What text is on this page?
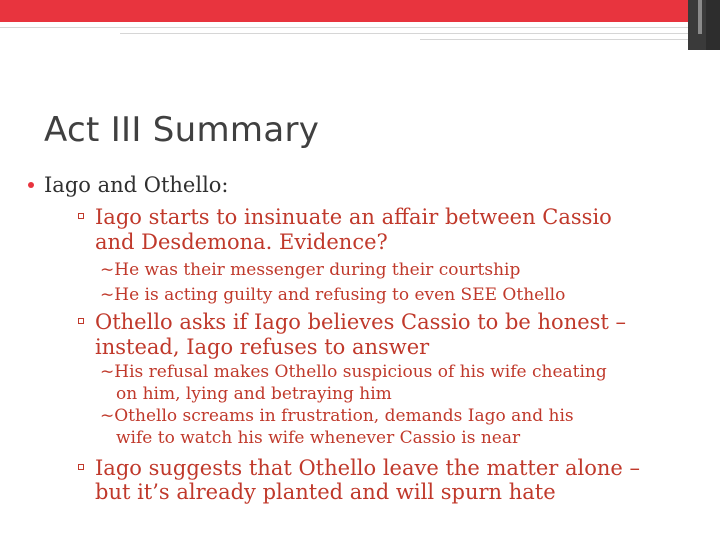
Act III Summary

Iago and Othello:

Iago starts to insinuate an affair between Cassio

and Desdemona. Evidence?

∼He was their messenger during their courtship

∼He is acting guilty and refusing to even SEE Othello

Othello asks if Iago believes Cassio to be honest –

instead, Iago refuses to answer

∼His refusal makes Othello suspicious of his wife cheating

on him, lying and betraying him

∼Othello screams in frustration, demands Iago and his

wife to watch his wife whenever Cassio is near

Iago suggests that Othello leave the matter alone –

but it’s already planted and will spurn hate
